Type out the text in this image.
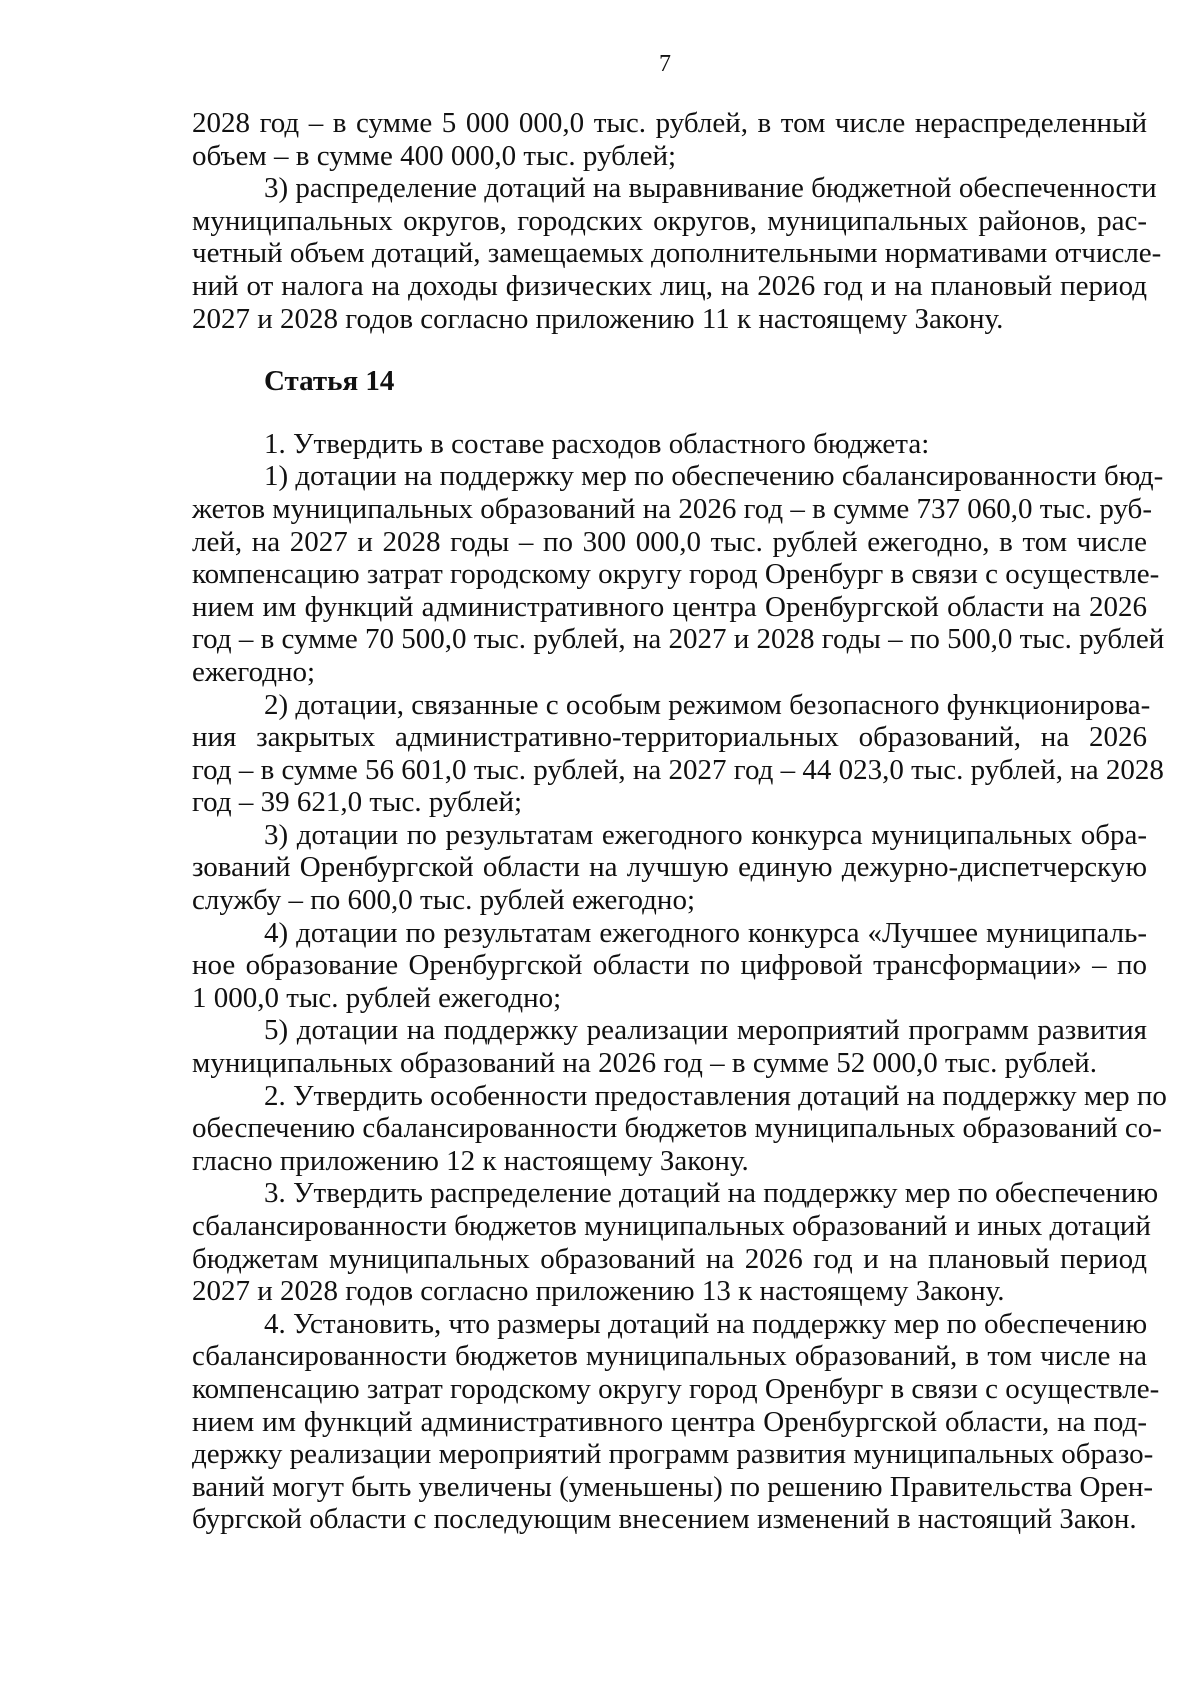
7
2028 год – в сумме 5 000 000,0 тыс. рублей, в том числе нераспределенный
объем – в сумме 400 000,0 тыс. рублей;
3) распределение дотаций на выравнивание бюджетной обеспеченности
муниципальных округов, городских округов, муниципальных районов, рас-
четный объем дотаций, замещаемых дополнительными нормативами отчисле-
ний от налога на доходы физических лиц, на 2026 год и на плановый период
2027 и 2028 годов согласно приложению 11 к настоящему Закону.
Статья 14
1. Утвердить в составе расходов областного бюджета:
1) дотации на поддержку мер по обеспечению сбалансированности бюд-
жетов муниципальных образований на 2026 год – в сумме 737 060,0 тыс. руб-
лей, на 2027 и 2028 годы – по 300 000,0 тыс. рублей ежегодно, в том числе
компенсацию затрат городскому округу город Оренбург в связи с осуществле-
нием им функций административного центра Оренбургской области на 2026
год – в сумме 70 500,0 тыс. рублей, на 2027 и 2028 годы – по 500,0 тыс. рублей
ежегодно;
2) дотации, связанные с особым режимом безопасного функционирова-
ния закрытых административно-территориальных образований, на 2026
год – в сумме 56 601,0 тыс. рублей, на 2027 год – 44 023,0 тыс. рублей, на 2028
год – 39 621,0 тыс. рублей;
3) дотации по результатам ежегодного конкурса муниципальных обра-
зований Оренбургской области на лучшую единую дежурно-диспетчерскую
службу – по 600,0 тыс. рублей ежегодно;
4) дотации по результатам ежегодного конкурса «Лучшее муниципаль-
ное образование Оренбургской области по цифровой трансформации» – по
1 000,0 тыс. рублей ежегодно;
5) дотации на поддержку реализации мероприятий программ развития
муниципальных образований на 2026 год – в сумме 52 000,0 тыс. рублей.
2. Утвердить особенности предоставления дотаций на поддержку мер по
обеспечению сбалансированности бюджетов муниципальных образований со-
гласно приложению 12 к настоящему Закону.
3. Утвердить распределение дотаций на поддержку мер по обеспечению
сбалансированности бюджетов муниципальных образований и иных дотаций
бюджетам муниципальных образований на 2026 год и на плановый период
2027 и 2028 годов согласно приложению 13 к настоящему Закону.
4. Установить, что размеры дотаций на поддержку мер по обеспечению
сбалансированности бюджетов муниципальных образований, в том числе на
компенсацию затрат городскому округу город Оренбург в связи с осуществле-
нием им функций административного центра Оренбургской области, на под-
держку реализации мероприятий программ развития муниципальных образо-
ваний могут быть увеличены (уменьшены) по решению Правительства Орен-
бургской области с последующим внесением изменений в настоящий Закон.
